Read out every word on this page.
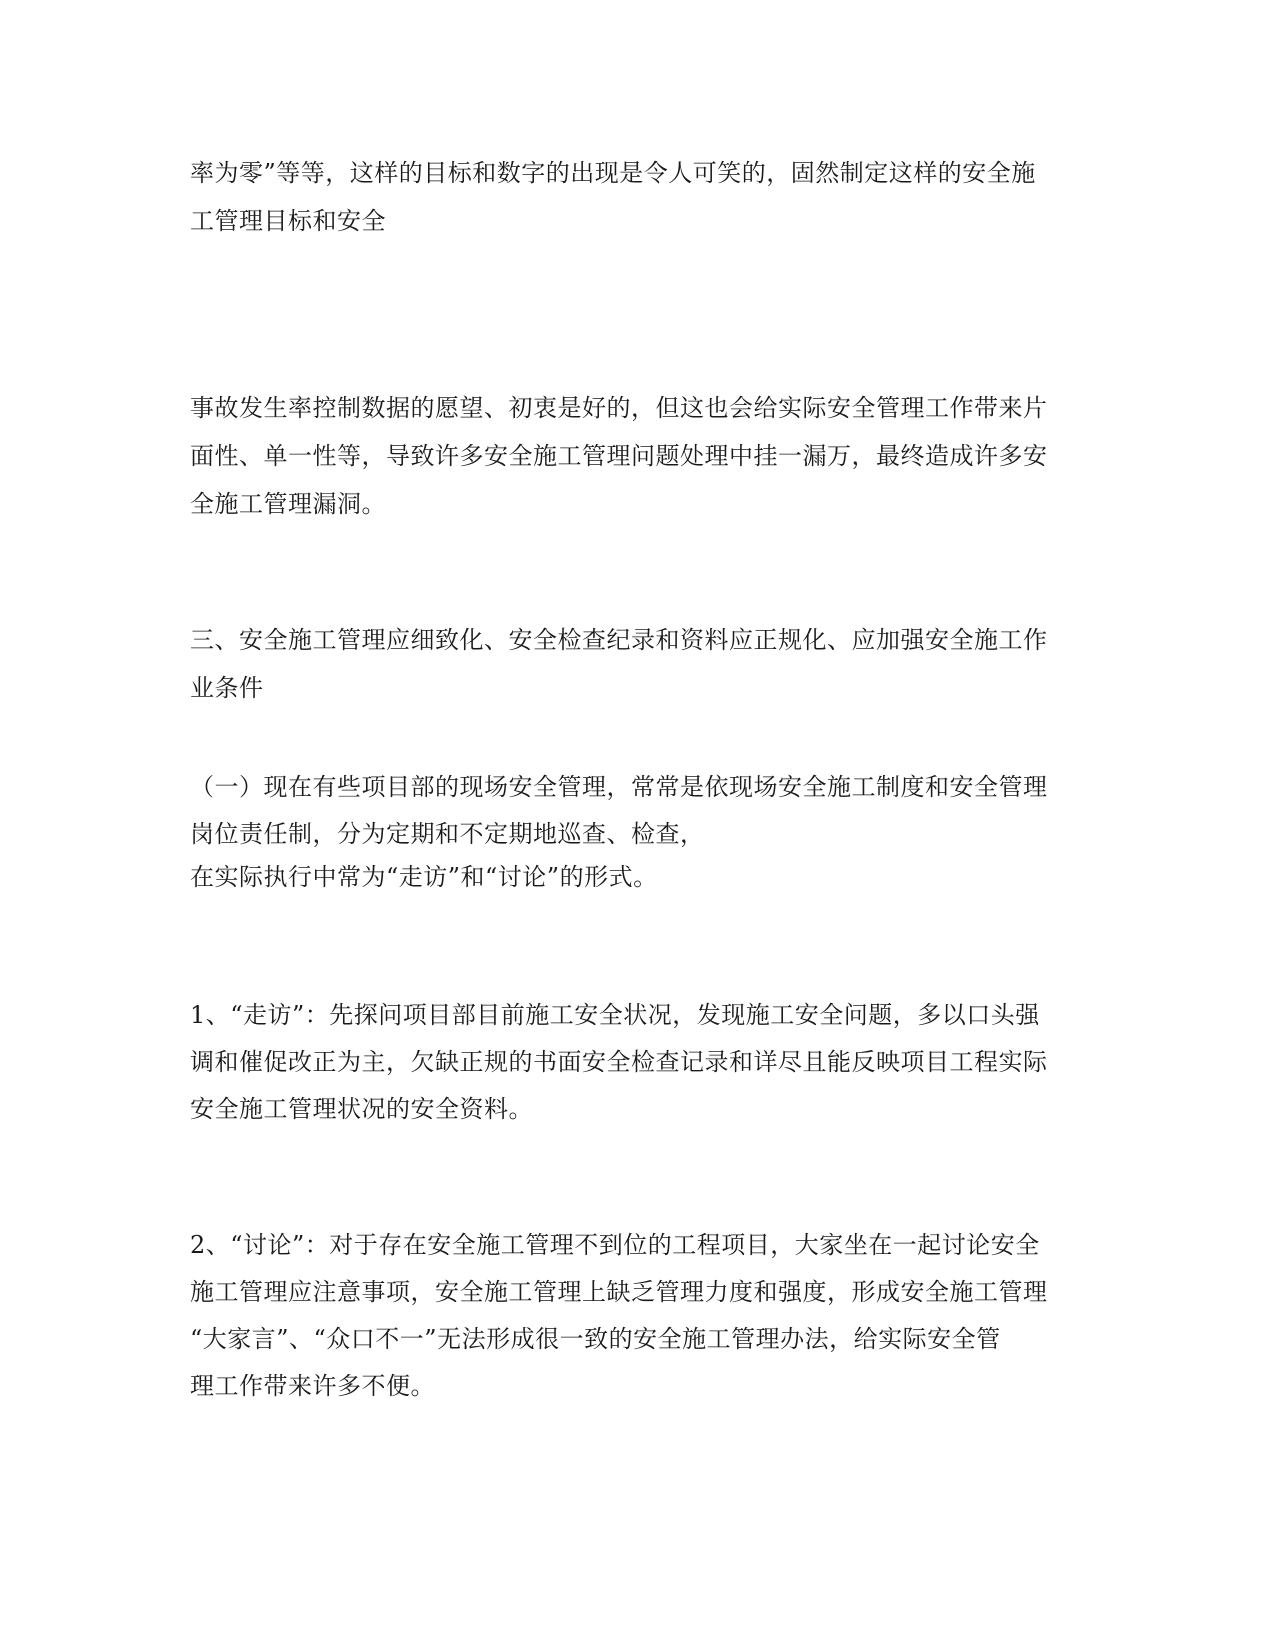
率为零”等等，这样的目标和数字的出现是令人可笑的，固然制定这样的安全施
工管理目标和安全
事故发生率控制数据的愿望、初衷是好的，但这也会给实际安全管理工作带来片
面性、单一性等，导致许多安全施工管理问题处理中挂一漏万，最终造成许多安
全施工管理漏洞。
三、安全施工管理应细致化、安全检查纪录和资料应正规化、应加强安全施工作
业条件
（一）现在有些项目部的现场安全管理，常常是依现场安全施工制度和安全管理
岗位责任制，分为定期和不定期地巡查、检查，
在实际执行中常为“走访”和“讨论”的形式。
1、“走访”：先探问项目部目前施工安全状况，发现施工安全问题，多以口头强
调和催促改正为主，欠缺正规的书面安全检查记录和详尽且能反映项目工程实际
安全施工管理状况的安全资料。
2、“讨论”：对于存在安全施工管理不到位的工程项目，大家坐在一起讨论安全
施工管理应注意事项，安全施工管理上缺乏管理力度和强度，形成安全施工管理
“大家言”、“众口不一”无法形成很一致的安全施工管理办法，给实际安全管
理工作带来许多不便。
